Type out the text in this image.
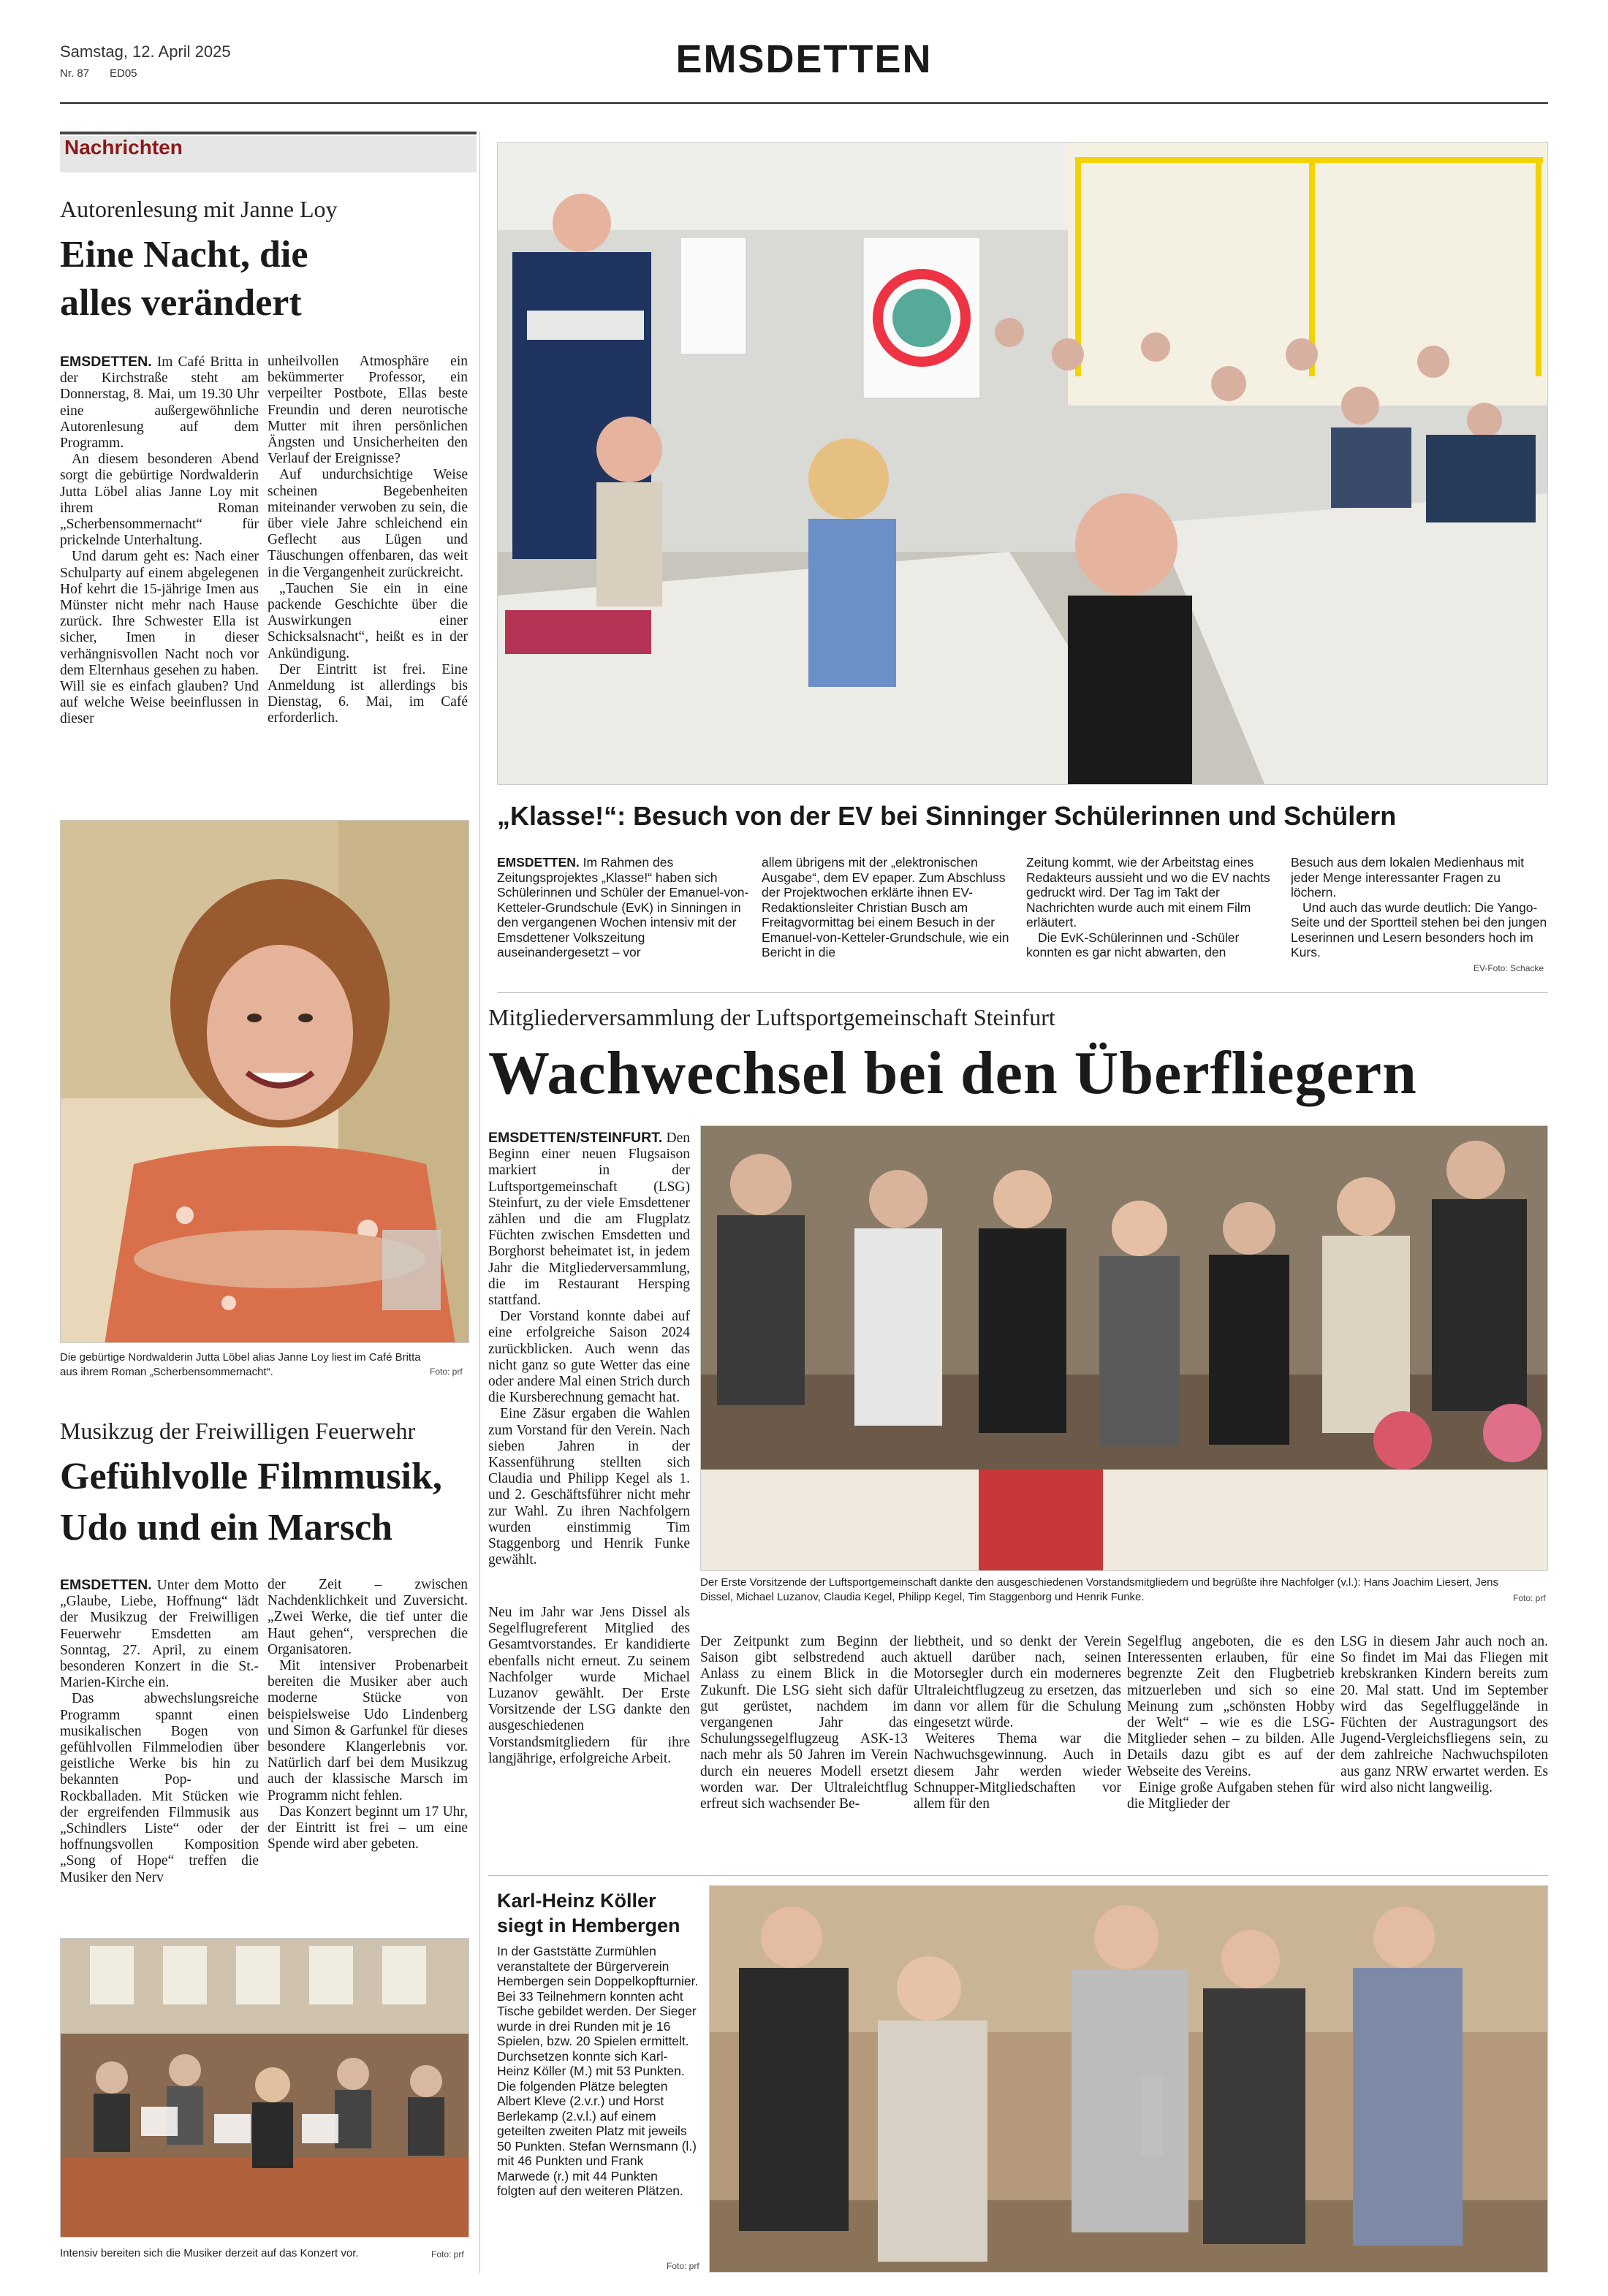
Samstag, 12. April 2025
Nr. 87 ED05	EMSDETTEN
Nachrichten
Autorenlesung mit Janne Loy
Eine Nacht, die
alles verändert

EMSDETTEN. Im Café Britta in der Kirchstraße steht am Donnerstag, 8. Mai, um 19.30 Uhr eine außergewöhnliche Autorenlesung auf dem Programm.

An diesem besonderen Abend sorgt die gebürtige Nordwalderin Jutta Löbel alias Janne Loy mit ihrem Roman „Scherbensommernacht“ für prickelnde Unterhaltung.

Und darum geht es: Nach einer Schulparty auf einem abgelegenen Hof kehrt die 15-jährige Imen aus Münster nicht mehr nach Hause zurück. Ihre Schwester Ella ist sicher, Imen in dieser verhängnisvollen Nacht noch vor dem Elternhaus gesehen zu haben. Will sie es einfach glauben? Und auf welche Weise beeinflussen in dieser

unheilvollen Atmosphäre ein bekümmerter Professor, ein verpeilter Postbote, Ellas beste Freundin und deren neurotische Mutter mit ihren persönlichen Ängsten und Unsicherheiten den Verlauf der Ereignisse?

Auf undurchsichtige Weise scheinen Begebenheiten miteinander verwoben zu sein, die über viele Jahre schleichend ein Geflecht aus Lügen und Täuschungen offenbaren, das weit in die Vergangenheit zurückreicht.

„Tauchen Sie ein in eine packende Geschichte über die Auswirkungen einer Schicksalsnacht“, heißt es in der Ankündigung.

Der Eintritt ist frei. Eine Anmeldung ist allerdings bis Dienstag, 6. Mai, im Café erforderlich.

Die gebürtige Nordwalderin Jutta Löbel alias Janne Loy liest im Café Britta aus ihrem Roman „Scherbensommernacht“.	Foto: prf
Musikzug der Freiwilligen Feuerwehr
Gefühlvolle Filmmusik,
Udo und ein Marsch

EMSDETTEN. Unter dem Motto „Glaube, Liebe, Hoffnung“ lädt der Musikzug der Freiwilligen Feuerwehr Emsdetten am Sonntag, 27. April, zu einem besonderen Konzert in die St.-Marien-Kirche ein.

Das abwechslungsreiche Programm spannt einen musikalischen Bogen von gefühlvollen Filmmelodien über geistliche Werke bis hin zu bekannten Pop- und Rockballaden. Mit Stücken wie der ergreifenden Filmmusik aus „Schindlers Liste“ oder der hoffnungsvollen Komposition „Song of Hope“ treffen die Musiker den Nerv

der Zeit – zwischen Nachdenklichkeit und Zuversicht. „Zwei Werke, die tief unter die Haut gehen“, versprechen die Organisatoren.

Mit intensiver Probenarbeit bereiten die Musiker aber auch moderne Stücke von beispielsweise Udo Lindenberg und Simon & Garfunkel für dieses besondere Klangerlebnis vor. Natürlich darf bei dem Musikzug auch der klassische Marsch im Programm nicht fehlen.

Das Konzert beginnt um 17 Uhr, der Eintritt ist frei – um eine Spende wird aber gebeten.

Intensiv bereiten sich die Musiker derzeit auf das Konzert vor.	Foto: prf
„Klasse!“: Besuch von der EV bei Sinninger Schülerinnen und Schülern

EMSDETTEN. Im Rahmen des Zeitungsprojektes „Klasse!“ haben sich Schülerinnen und Schüler der Emanuel-von-Ketteler-Grundschule (EvK) in Sinningen in den vergangenen Wochen intensiv mit der Emsdettener Volkszeitung auseinandergesetzt – vor

allem übrigens mit der „elektronischen Ausgabe“, dem EV epaper. Zum Abschluss der Projektwochen erklärte ihnen EV-Redaktionsleiter Christian Busch am Freitagvormittag bei einem Besuch in der Emanuel-von-Ketteler-Grundschule, wie ein Bericht in die

Zeitung kommt, wie der Arbeitstag eines Redakteurs aussieht und wo die EV nachts gedruckt wird. Der Tag im Takt der Nachrichten wurde auch mit einem Film erläutert.

Die EvK-Schülerinnen und -Schüler konnten es gar nicht abwarten, den

Besuch aus dem lokalen Medienhaus mit jeder Menge interessanter Fragen zu löchern.

Und auch das wurde deutlich: Die Yango-Seite und der Sportteil stehen bei den jungen Leserinnen und Lesern besonders hoch im Kurs.

EV-Foto: Schacke
Mitgliederversammlung der Luftsportgemeinschaft Steinfurt
Wachwechsel bei den Überfliegern

EMSDETTEN/STEINFURT. Den Beginn einer neuen Flugsaison markiert in der Luftsportgemeinschaft (LSG) Steinfurt, zu der viele Emsdettener zählen und die am Flugplatz Füchten zwischen Emsdetten und Borghorst beheimatet ist, in jedem Jahr die Mitgliederversammlung, die im Restaurant Hersping stattfand.

Der Vorstand konnte dabei auf eine erfolgreiche Saison 2024 zurückblicken. Auch wenn das nicht ganz so gute Wetter das eine oder andere Mal einen Strich durch die Kursberechnung gemacht hat.

Eine Zäsur ergaben die Wahlen zum Vorstand für den Verein. Nach sieben Jahren in der Kassenführung stellten sich Claudia und Philipp Kegel als 1. und 2. Geschäftsführer nicht mehr zur Wahl. Zu ihren Nachfolgern wurden einstimmig Tim Staggenborg und Henrik Funke gewählt.

Der Erste Vorsitzende der Luftsportgemeinschaft dankte den ausgeschiedenen Vorstandsmitgliedern und begrüßte ihre Nachfolger (v.l.): Hans Joachim Liesert, Jens Dissel, Michael Luzanov, Claudia Kegel, Philipp Kegel, Tim Staggenborg und Henrik Funke.	Foto: prf

Neu im Jahr war Jens Dissel als Segelflugreferent Mitglied des Gesamtvorstandes. Er kandidierte ebenfalls nicht erneut. Zu seinem Nachfolger wurde Michael Luzanov gewählt. Der Erste Vorsitzende der LSG dankte den ausgeschiedenen Vorstandsmitgliedern für ihre langjährige, erfolgreiche Arbeit.

Der Zeitpunkt zum Beginn der Saison gibt selbstredend auch Anlass zu einem Blick in die Zukunft. Die LSG sieht sich dafür gut gerüstet, nachdem im vergangenen Jahr das Schulungssegelflugzeug ASK-13 nach mehr als 50 Jahren im Verein durch ein neueres Modell ersetzt worden war. Der Ultraleichtflug erfreut sich wachsender Be-

liebtheit, und so denkt der Verein aktuell darüber nach, seinen Motorsegler durch ein moderneres Ultraleichtflugzeug zu ersetzen, das dann vor allem für die Schulung eingesetzt würde.

Weiteres Thema war die Nachwuchsgewinnung. Auch in diesem Jahr werden wieder Schnupper-Mitgliedschaften vor allem für den

Segelflug angeboten, die es den Interessenten erlauben, für eine begrenzte Zeit den Flugbetrieb mitzuerleben und sich so eine Meinung zum „schönsten Hobby der Welt“ – wie es die LSG-Mitglieder sehen – zu bilden. Alle Details dazu gibt es auf der Webseite des Vereins.

Einige große Aufgaben stehen für die Mitglieder der

LSG in diesem Jahr auch noch an. So findet im Mai das Fliegen mit krebskranken Kindern bereits zum 20. Mal statt. Und im September wird das Segelfluggelände in Füchten der Austragungsort des Jugend-Vergleichsfliegens sein, zu dem zahlreiche Nachwuchspiloten aus ganz NRW erwartet werden. Es wird also nicht langweilig.

Karl-Heinz Köller
siegt in Hembergen

In der Gaststätte Zurmühlen veranstaltete der Bürgerverein Hembergen sein Doppelkopfturnier. Bei 33 Teilnehmern konnten acht Tische gebildet werden. Der Sieger wurde in drei Runden mit je 16 Spielen, bzw. 20 Spielen ermittelt. Durchsetzen konnte sich Karl-Heinz Köller (M.) mit 53 Punkten. Die folgenden Plätze belegten Albert Kleve (2.v.r.) und Horst Berlekamp (2.v.l.) auf einem geteilten zweiten Platz mit jeweils 50 Punkten. Stefan Wernsmann (l.) mit 46 Punkten und Frank Marwede (r.) mit 44 Punkten folgten auf den weiteren Plätzen.

Foto: prf
